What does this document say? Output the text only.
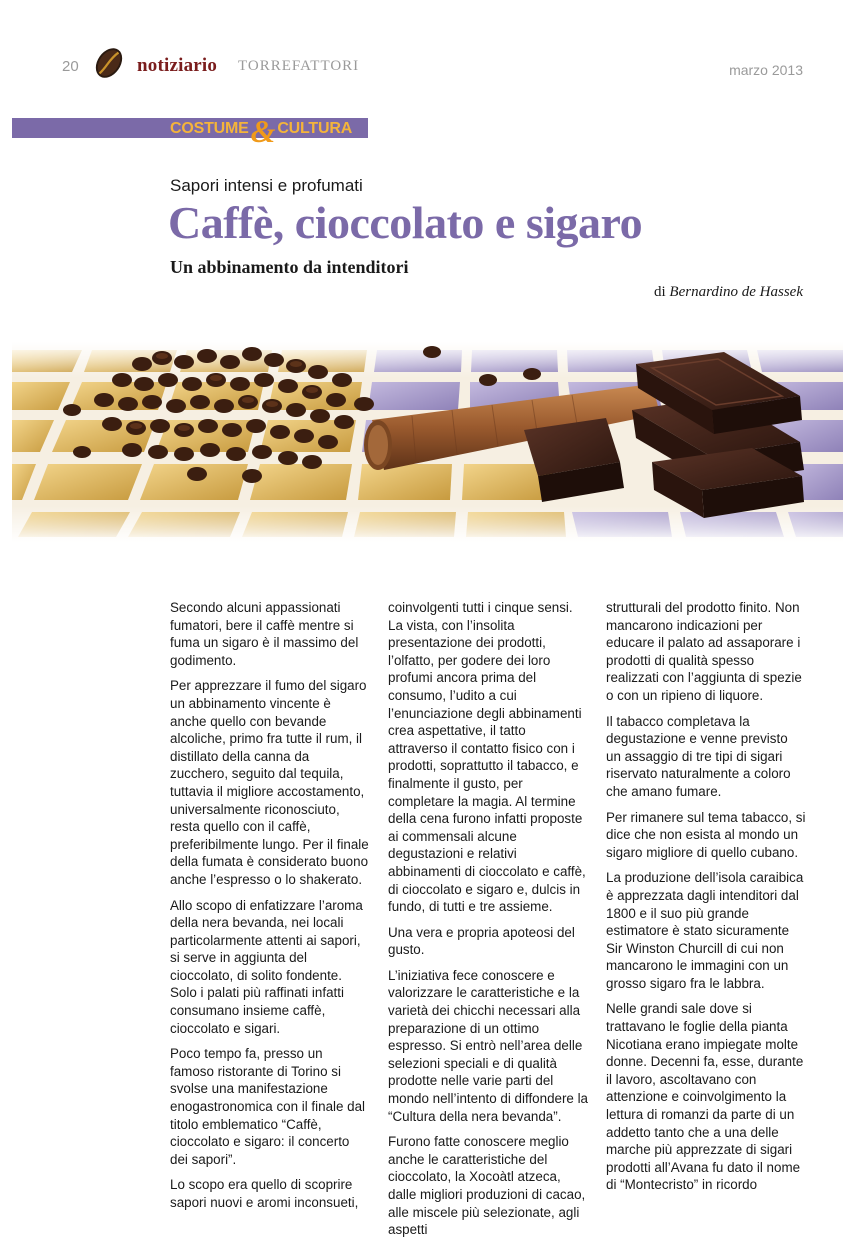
20	notiziario TORREFATTORI	marzo 2013
COSTUME& CULTURA
Sapori intensi e profumati
Caffè, cioccolato e sigaro
Un abbinamento da intenditori
di Bernardino de Hassek

Secondo alcuni appassionati fumatori, bere il caffè mentre si fuma un sigaro è il massimo del godimento.

Per apprezzare il fumo del sigaro un abbinamento vincente è anche quello con bevande alcoliche, primo fra tutte il rum, il distillato della canna da zucchero, seguito dal tequila, tuttavia il migliore accostamento, universalmente riconosciuto, resta quello con il caffè, preferibilmente lungo. Per il finale della fumata è considerato buono anche l’espresso o lo shakerato.

Allo scopo di enfatizzare l’aroma della nera bevanda, nei locali particolarmente attenti ai sapori, si serve in aggiunta del cioccolato, di solito fondente. Solo i palati più raffinati infatti consumano insieme caffè, cioccolato e sigari.

Poco tempo fa, presso un famoso ristorante di Torino si svolse una manifestazione enogastronomica con il finale dal titolo emblematico “Caffè, cioccolato e sigaro: il concerto dei sapori”.

Lo scopo era quello di scoprire sapori nuovi e aromi inconsueti,

coinvolgenti tutti i cinque sensi. La vista, con l’insolita presentazione dei prodotti, l’olfatto, per godere dei loro profumi ancora prima del consumo, l’udito a cui l’enunciazione degli abbinamenti crea aspettative, il tatto attraverso il contatto fisico con i prodotti, soprattutto il tabacco, e finalmente il gusto, per completare la magia. Al termine della cena furono infatti proposte ai commensali alcune degustazioni e relativi abbinamenti di cioccolato e caffè, di cioccolato e sigaro e, dulcis in fundo, di tutti e tre assieme.

Una vera e propria apoteosi del gusto.

L’iniziativa fece conoscere e valorizzare le caratteristiche e la varietà dei chicchi necessari alla preparazione di un ottimo espresso. Si entrò nell’area delle selezioni speciali e di qualità prodotte nelle varie parti del mondo nell’intento di diffondere la “Cultura della nera bevanda”.

Furono fatte conoscere meglio anche le caratteristiche del cioccolato, la Xocoàtl atzeca, dalle migliori produzioni di cacao, alle miscele più selezionate, agli aspetti

strutturali del prodotto finito. Non mancarono indicazioni per educare il palato ad assaporare i prodotti di qualità spesso realizzati con l’aggiunta di spezie o con un ripieno di liquore.

Il tabacco completava la degustazione e venne previsto un assaggio di tre tipi di sigari riservato naturalmente a coloro che amano fumare.

Per rimanere sul tema tabacco, si dice che non esista al mondo un sigaro migliore di quello cubano.

La produzione dell’isola caraibica è apprezzata dagli intenditori dal 1800 e il suo più grande estimatore è stato sicuramente Sir Winston Churcill di cui non mancarono le immagini con un grosso sigaro fra le labbra.

Nelle grandi sale dove si trattavano le foglie della pianta Nicotiana erano impiegate molte donne. Decenni fa, esse, durante il lavoro, ascoltavano con attenzione e coinvolgimento la lettura di romanzi da parte di un addetto tanto che a una delle marche più apprezzate di sigari prodotti all’Avana fu dato il nome di “Montecristo” in ricordo
